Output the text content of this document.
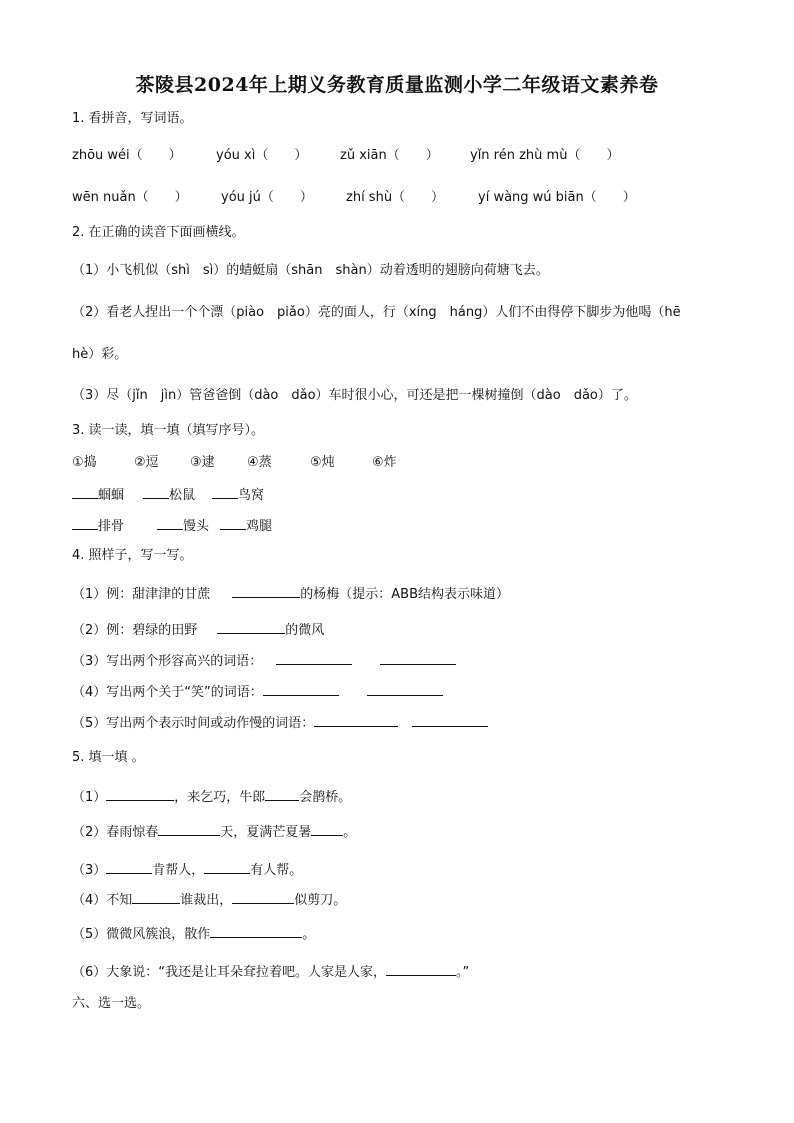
茶陵县2024年上期义务教育质量监测小学二年级语文素养卷
1. 看拼音，写词语。
zhōu wéi（　　）	yóu xì（　　）	zǔ xiān（　　） yǐn rén zhù mù（　　）
wēn nuǎn（　　）	yóu jú（　　）	zhí shù（　　）	yí wàng wú biān（　　）
2. 在正确的读音下面画横线。
（1）小飞机似（shì　sì）的蜻蜓扇（shān　shàn）动着透明的翅膀向荷塘飞去。
（2）看老人捏出一个个漂（piào　piǎo）亮的面人，行（xíng　háng）人们不由得停下脚步为他喝（hē
hè）彩。
（3）尽（jǐn　jìn）管爸爸倒（dào　dǎo）车时很小心，可还是把一棵树撞倒（dào　dǎo）了。
3. 读一读，填一填（填写序号）。
①捣	②逗 ③逮 ④蒸	⑤炖	⑥炸
蝈蝈	松鼠	鸟窝
排骨	馒头	鸡腿
4. 照样子，写一写。
（1）例：甜津津的甘蔗	的杨梅（提示：ABB结构表示味道）
（2）例：碧绿的田野	的微风
（3）写出两个形容高兴的词语：
（4）写出两个关于“笑”的词语：
（5）写出两个表示时间或动作慢的词语：
5. 填一填 。
（1）	，来乞巧，牛郎	会鹊桥。
（2）春雨惊春	天，夏满芒夏暑 。
（3）	肯帮人，	有人帮。
（4）不知	谁裁出，	似剪刀。
（5）微微风簇浪，散作	。
（6）大象说：“我还是让耳朵耷拉着吧。人家是人家，	。”
六、选一选。
